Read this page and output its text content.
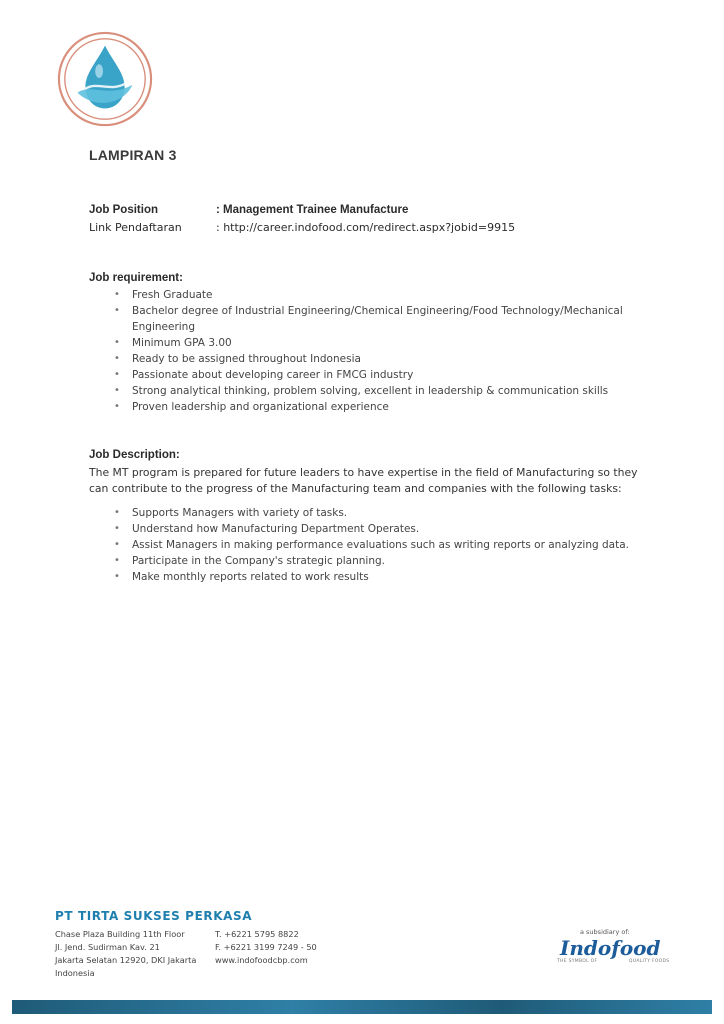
LAMPIRAN 3
Job Position	: Management Trainee Manufacture
Link Pendaftaran	: http://career.indofood.com/redirect.aspx?jobid=9915
Job requirement:
• Fresh Graduate
• Bachelor degree of Industrial Engineering/Chemical Engineering/Food Technology/Mechanical Engineering
• Minimum GPA 3.00
• Ready to be assigned throughout Indonesia
• Passionate about developing career in FMCG industry
• Strong analytical thinking, problem solving, excellent in leadership & communication skills
• Proven leadership and organizational experience
Job Description:
The MT program is prepared for future leaders to have expertise in the field of Manufacturing so they can contribute to the progress of the Manufacturing team and companies with the following tasks:
• Supports Managers with variety of tasks.
• Understand how Manufacturing Department Operates.
• Assist Managers in making performance evaluations such as writing reports or analyzing data.
• Participate in the Company's strategic planning.
• Make monthly reports related to work results
PT TIRTA SUKSES PERKASA
Chase Plaza Building 11th Floor
Jl. Jend. Sudirman Kav. 21
Jakarta Selatan 12920, DKI Jakarta
Indonesia
T. +6221 5795 8822
F. +6221 3199 7249 - 50
www.indofoodcbp.com
a subsidiary of:
Indofood
THE SYMBOL OF	QUALITY FOODS
